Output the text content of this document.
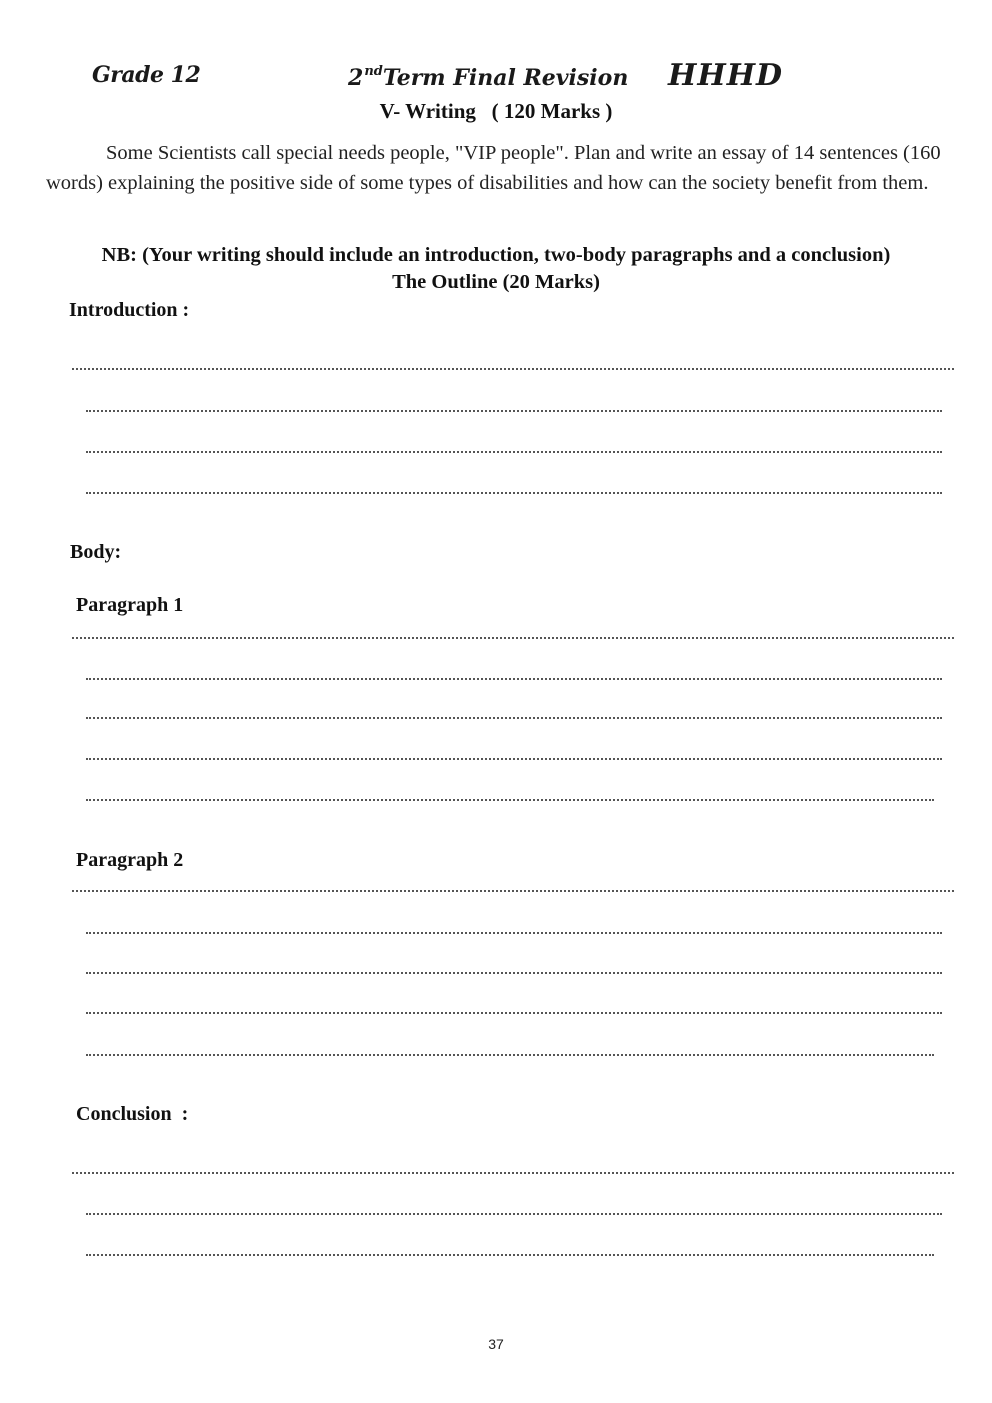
Grade 12	2ndTerm Final Revision HHHD
V- Writing   ( 120 Marks )
Some Scientists call special needs people, "VIP people". Plan and write an essay of 14 sentences (160 words) explaining the positive side of some types of disabilities and how can the society benefit from them.
NB: (Your writing should include an introduction, two-body paragraphs and a conclusion)
The Outline (20 Marks)
Introduction :
Body:
Paragraph 1
Paragraph 2
Conclusion  :
37
